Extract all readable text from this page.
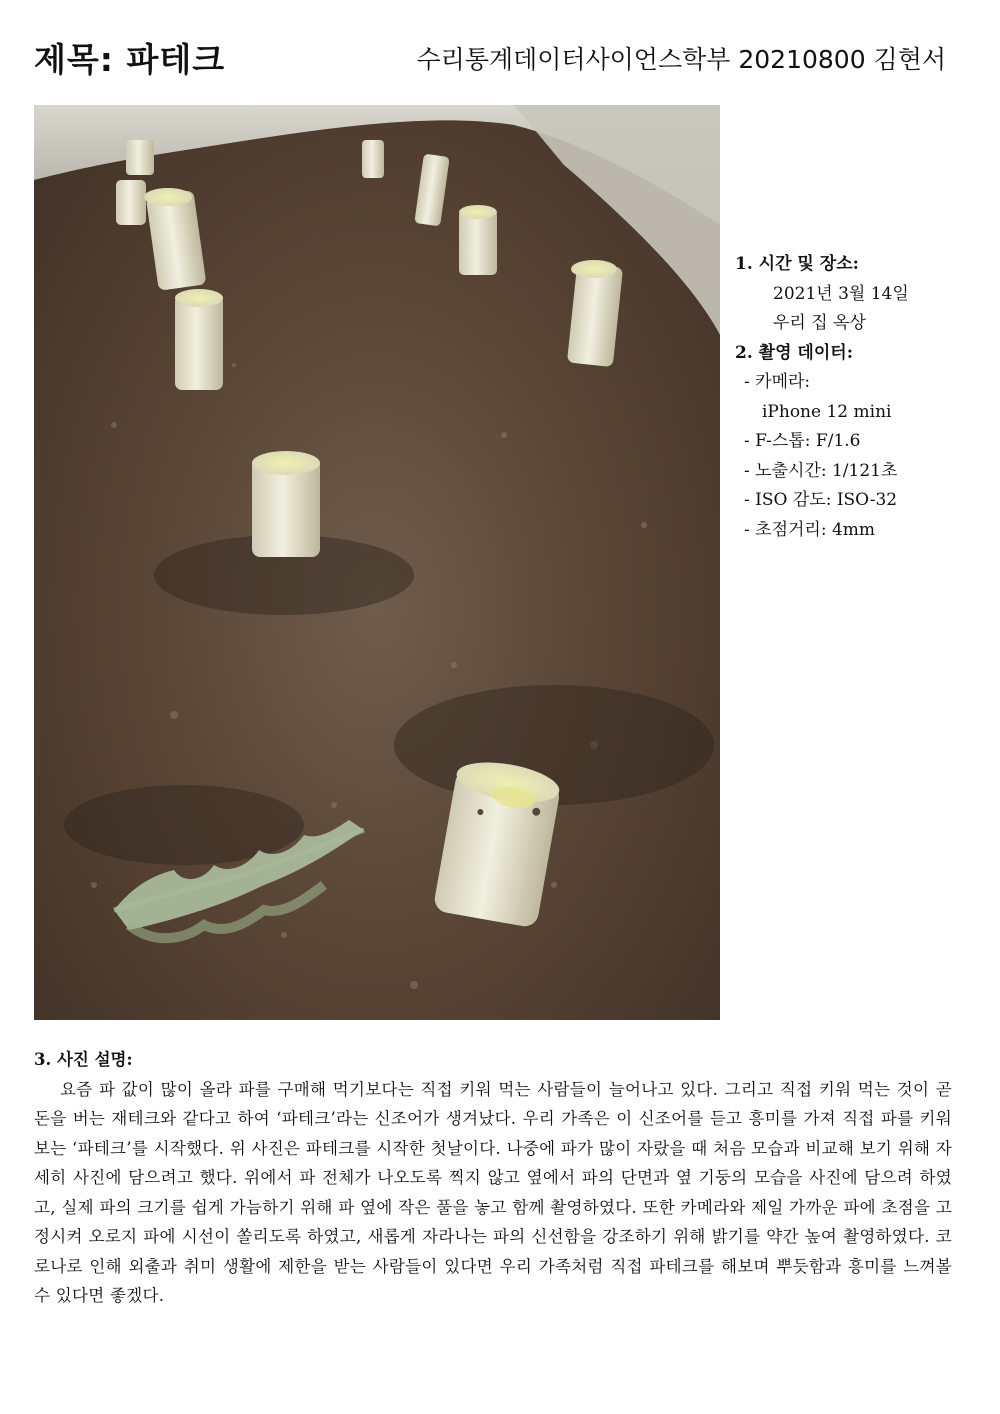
제목: 파테크	수리통계데이터사이언스학부 20210800 김현서
1. 시간 및 장소:
2021년 3월 14일
우리 집 옥상
2. 촬영 데이터:
- 카메라:
iPhone 12 mini
- F-스톱: F/1.6
- 노출시간: 1/121초
- ISO 감도: ISO-32
- 초점거리: 4mm
3. 사진 설명:

요즘 파 값이 많이 올라 파를 구매해 먹기보다는 직접 키워 먹는 사람들이 늘어나고 있다. 그리고 직접 키워 먹는 것이 곧 돈을 버는 재테크와 같다고 하여 ‘파테크’라는 신조어가 생겨났다. 우리 가족은 이 신조어를 듣고 흥미를 가져 직접 파를 키워보는 ‘파테크’를 시작했다. 위 사진은 파테크를 시작한 첫날이다. 나중에 파가 많이 자랐을 때 처음 모습과 비교해 보기 위해 자세히 사진에 담으려고 했다. 위에서 파 전체가 나오도록 찍지 않고 옆에서 파의 단면과 옆 기둥의 모습을 사진에 담으려 하였고, 실제 파의 크기를 쉽게 가늠하기 위해 파 옆에 작은 풀을 놓고 함께 촬영하였다. 또한 카메라와 제일 가까운 파에 초점을 고정시켜 오로지 파에 시선이 쏠리도록 하였고, 새롭게 자라나는 파의 신선함을 강조하기 위해 밝기를 약간 높여 촬영하였다. 코로나로 인해 외출과 취미 생활에 제한을 받는 사람들이 있다면 우리 가족처럼 직접 파테크를 해보며 뿌듯함과 흥미를 느껴볼 수 있다면 좋겠다.
